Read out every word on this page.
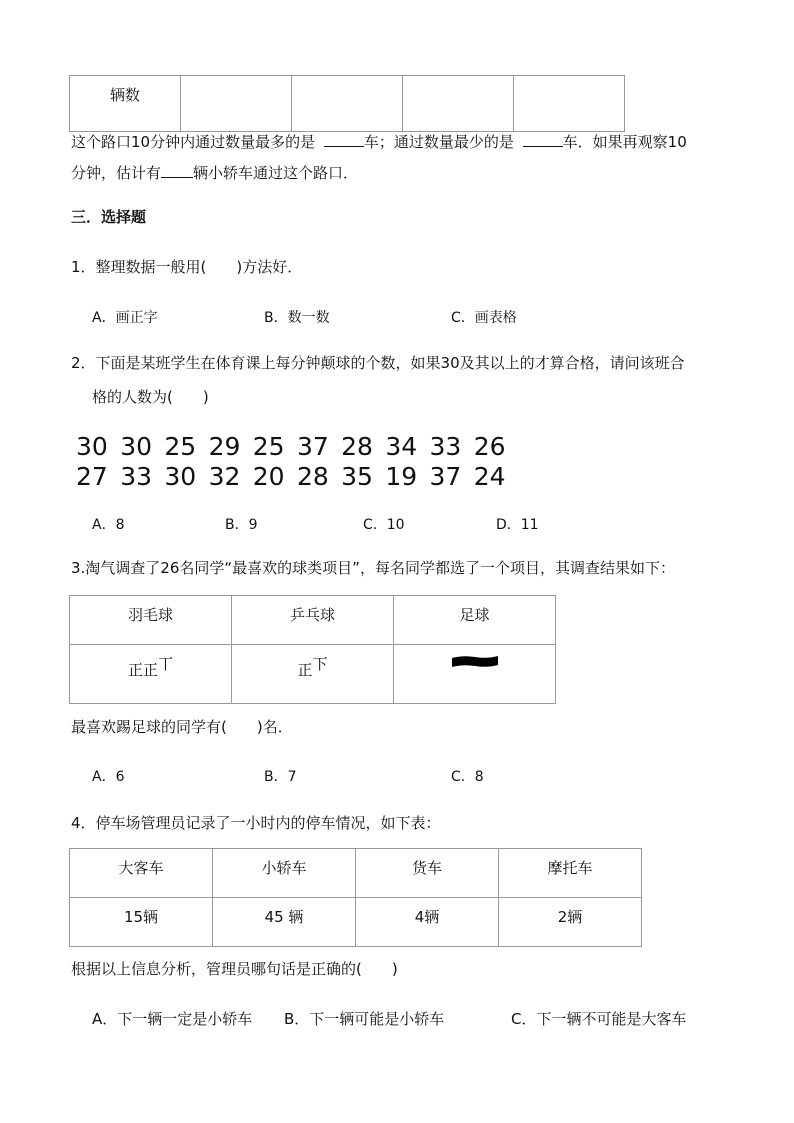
辆数				
这个路口10分钟内通过数量最多的是	车；通过数量最少的是	车．如果再观察10
分钟，估计有 辆小轿车通过这个路口．
三．选择题
1．整理数据一般用(　　)方法好．
A．画正字	B．数一数	C．画表格
2．下面是某班学生在体育课上每分钟颠球的个数，如果30及其以上的才算合格，请问该班合
格的人数为(　　)
30 30 25 29 25 37 28 34 33 26
27 33 30 32 20 28 35 19 37 24
A．8	B．9	C．10	D．11
3.淘气调查了26名同学“最喜欢的球类项目”，每名同学都选了一个项目，其调查结果如下：
羽毛球	乒乓球	足球
正正$^丅$	正$^下$	
最喜欢踢足球的同学有(　　)名．
A．6	B．7	C．8
4．停车场管理员记录了一小时内的停车情况，如下表：
大客车	小轿车	货车	摩托车
15辆	45 辆	4辆	2辆
根据以上信息分析，管理员哪句话是正确的(　　)
A．下一辆一定是小轿车 B．下一辆可能是小轿车	C．下一辆不可能是大客车
